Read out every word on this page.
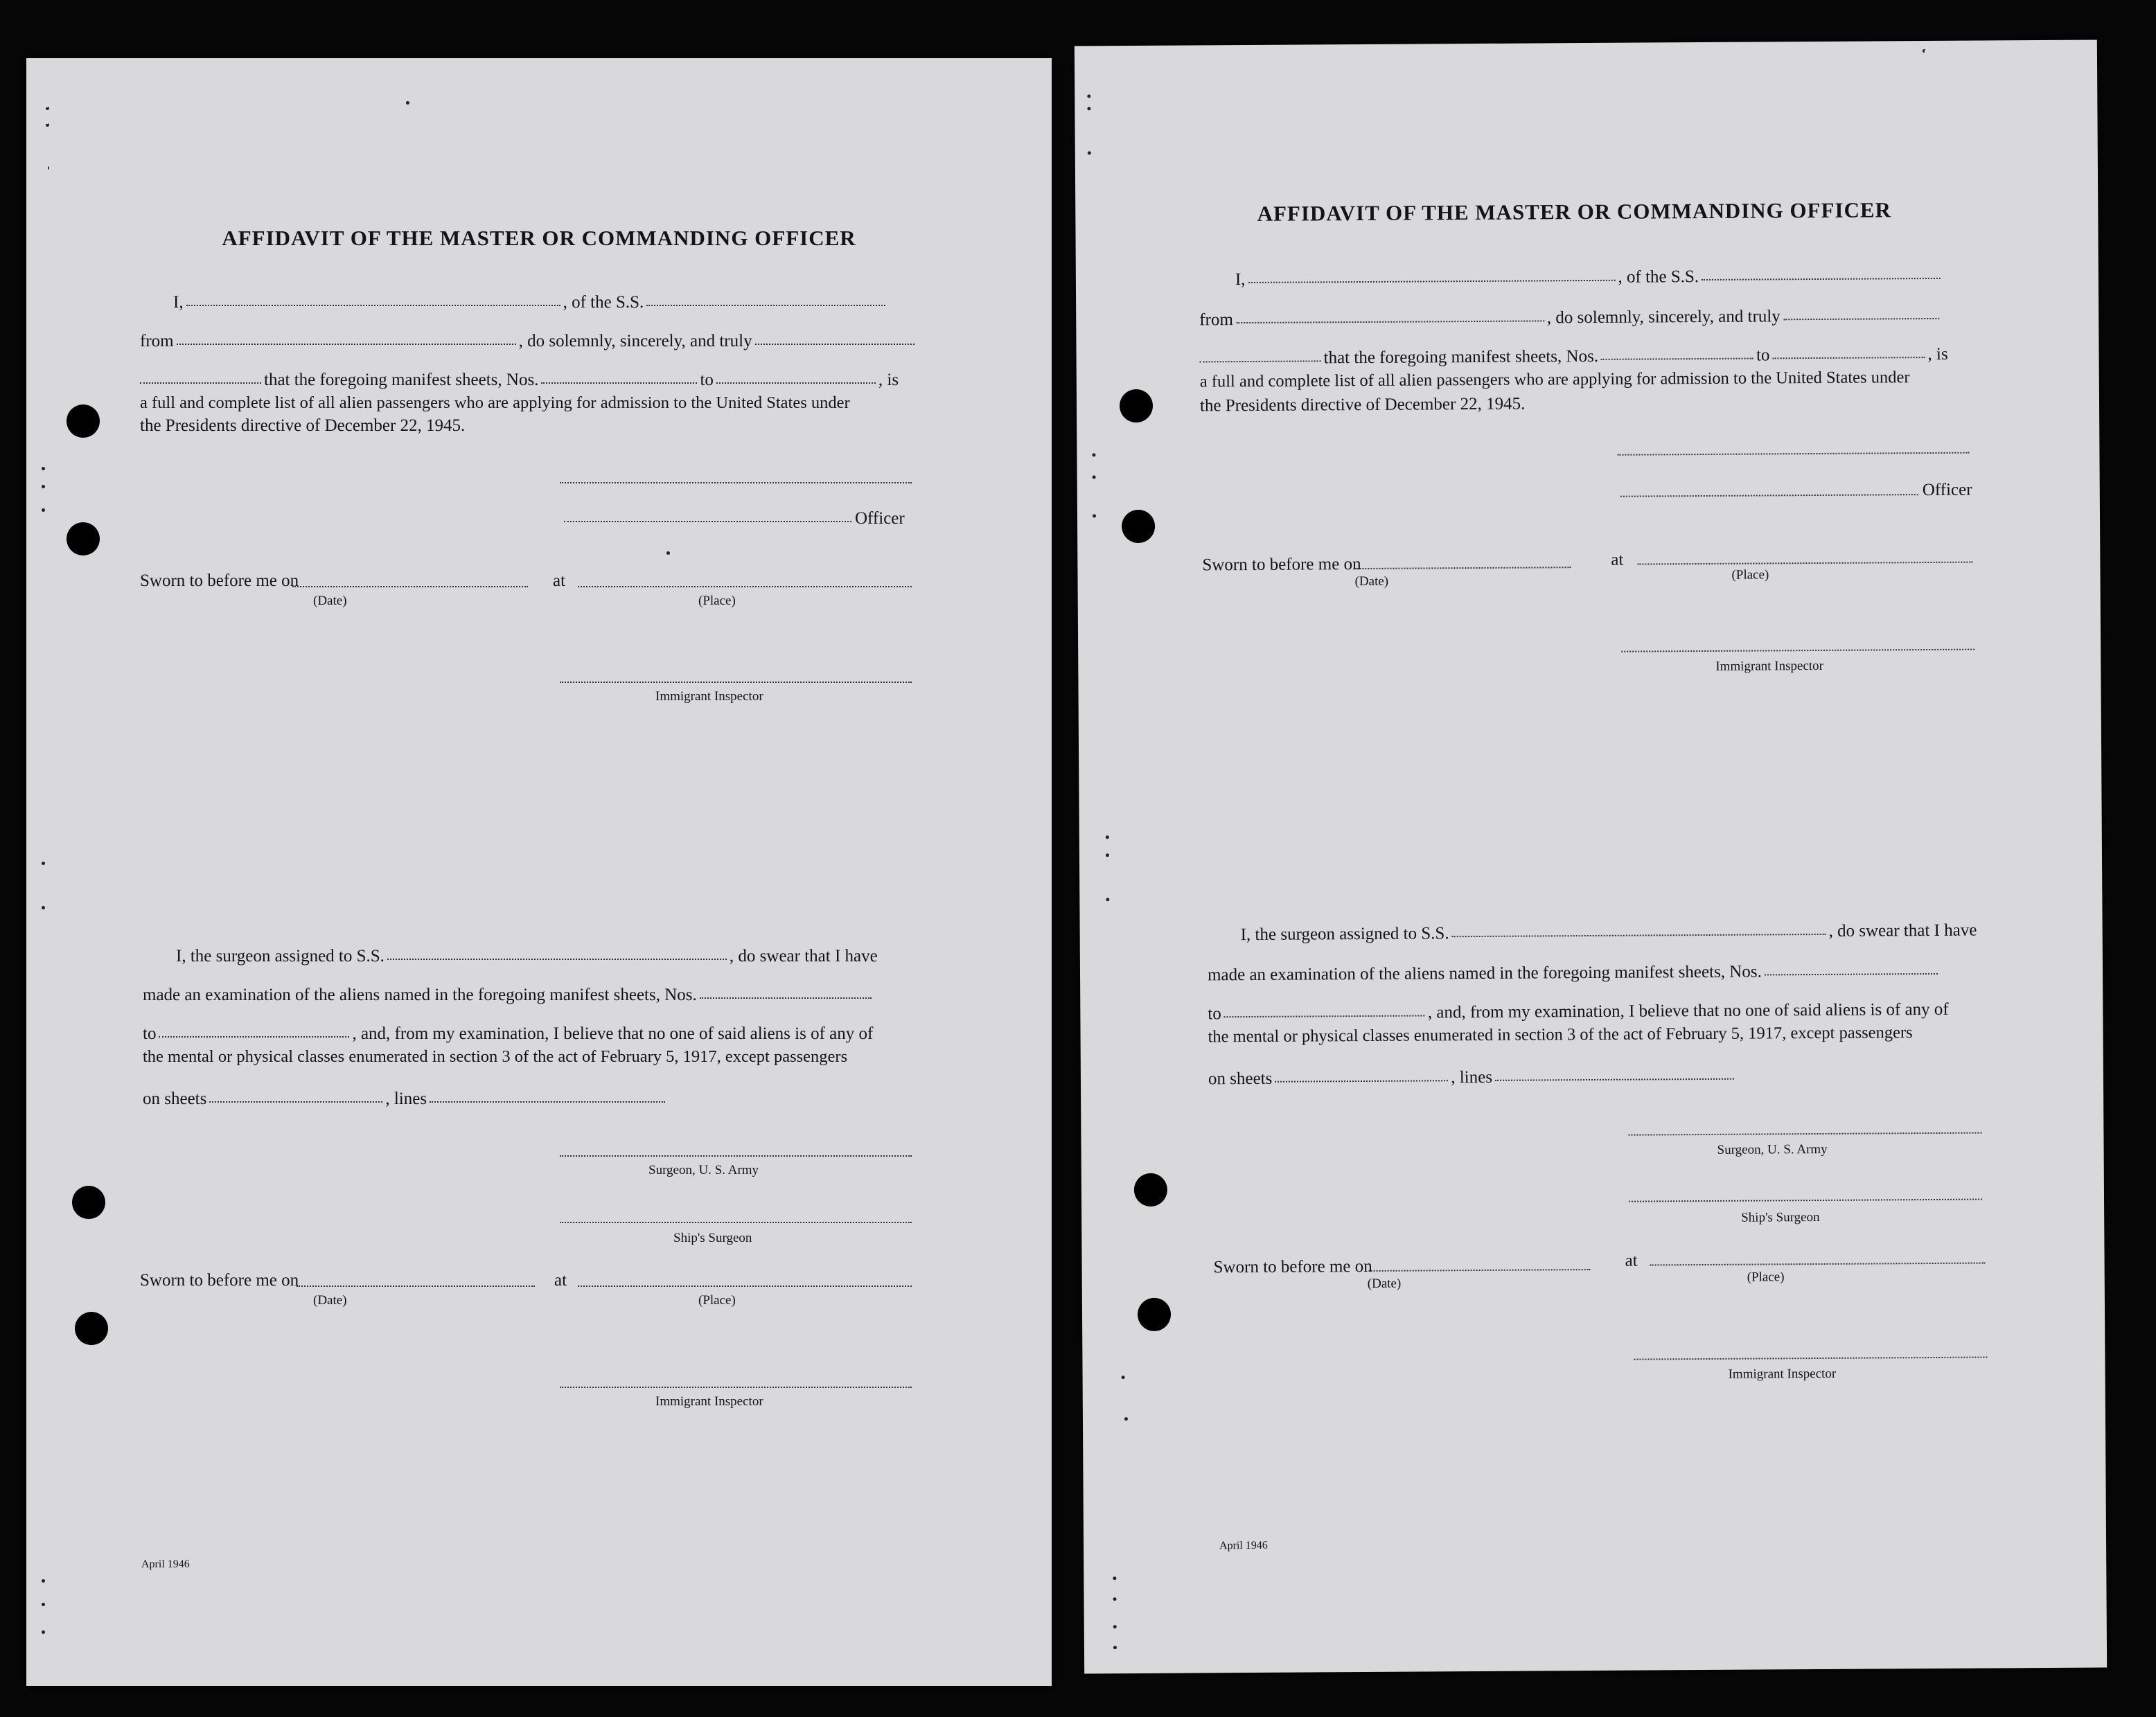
AFFIDAVIT OF THE MASTER OR COMMANDING OFFICER
I,	, of the S.S.
from	, do solemnly, sincerely, and truly
that the foregoing manifest sheets, Nos.	to	, is
a full and complete list of all alien passengers who are applying for admission to the United States under
the Presidents directive of December 22, 1945.
Officer
Sworn to before me on	at
(Date)	(Place)
Immigrant Inspector
I, the surgeon assigned to S.S.	, do swear that I have
made an examination of the aliens named in the foregoing manifest sheets, Nos.
to	, and, from my examination, I believe that no one of said aliens is of any of
the mental or physical classes enumerated in section 3 of the act of February 5, 1917, except passengers
on sheets	, lines
Surgeon, U. S. Army
Ship's Surgeon
Sworn to before me on	at
(Date)	(Place)
Immigrant Inspector
April 1946
AFFIDAVIT OF THE MASTER OR COMMANDING OFFICER
I,	, of the S.S.
from	, do solemnly, sincerely, and truly
that the foregoing manifest sheets, Nos.	to	, is
a full and complete list of all alien passengers who are applying for admission to the United States under
the Presidents directive of December 22, 1945.
Officer
Sworn to before me on	at
(Date)	(Place)
Immigrant Inspector
I, the surgeon assigned to S.S.	, do swear that I have
made an examination of the aliens named in the foregoing manifest sheets, Nos.
to	, and, from my examination, I believe that no one of said aliens is of any of
the mental or physical classes enumerated in section 3 of the act of February 5, 1917, except passengers
on sheets	, lines
Surgeon, U. S. Army
Ship's Surgeon
Sworn to before me on	at
(Date)	(Place)
Immigrant Inspector
April 1946
